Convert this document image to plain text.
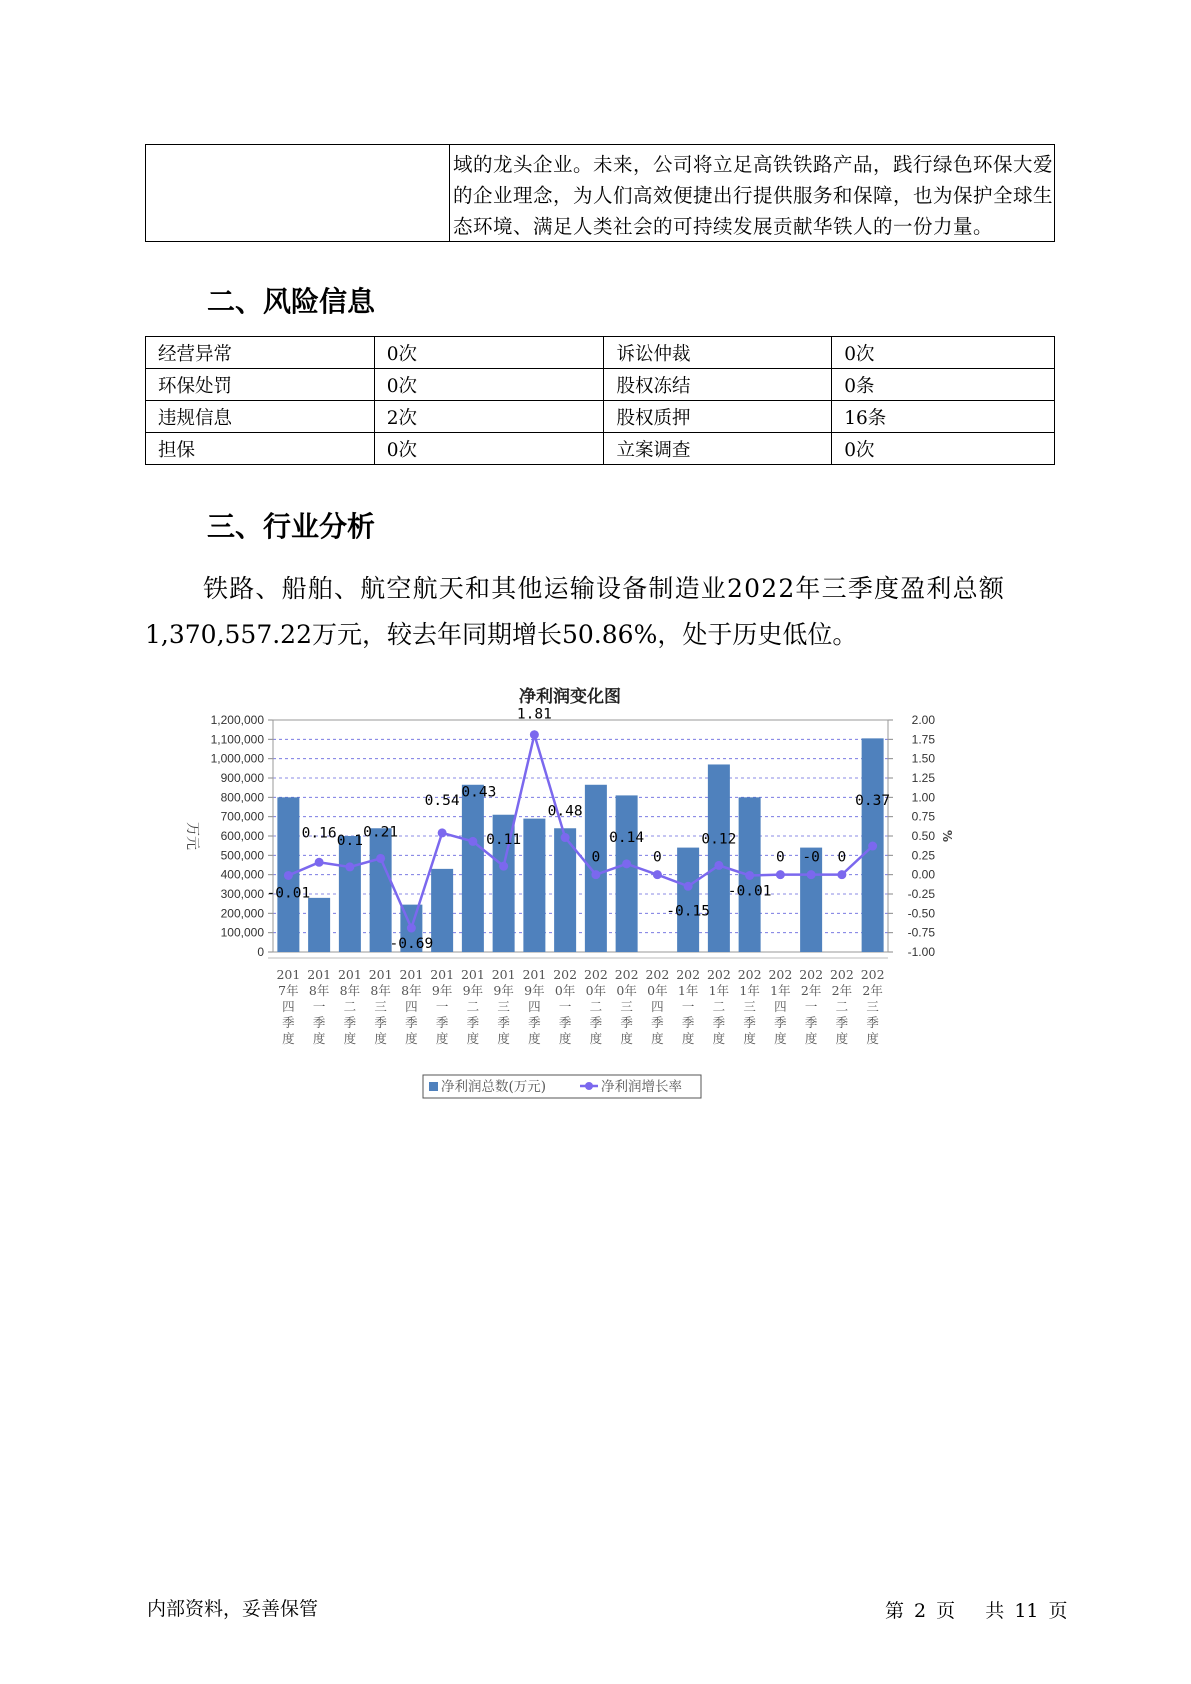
域的龙头企业。未来，公司将立足高铁铁路产品，践行绿色环保大爱
的企业理念，为人们高效便捷出行提供服务和保障，也为保护全球生
态环境、满足人类社会的可持续发展贡献华铁人的一份力量。
二、风险信息
经营异常	0次	诉讼仲裁	0次
环保处罚	0次	股权冻结	0条
违规信息	2次	股权质押	16条
担保	0次	立案调查	0次
三、行业分析
铁路、船舶、航空航天和其他运输设备制造业2022年三季度盈利总额
1,370,557.22万元，较去年同期增长50.86%，处于历史低位。
净利润变化图
0
100,000
200,000
300,000
400,000
500,000
600,000
700,000
800,000
900,000
1,000,000
1,100,000
1,200,000
-1.00
-0.75
-0.50
-0.25
0.00
0.25
0.50
0.75
1.00
1.25
1.50
1.75
2.00
万元	%
-0.01
0.16 0.1
0.21
-0.69
0.54
0.43
0.11
1.81
0.48
0
0.14
0
-0.15
0.12
-0.01
0 -0 0
0.37
201 201 201 201 201 201 201 201 201 202 202 202 202 202 202 202 202 202 202 202
7年 8年 8年 8年 8年 9年 9年 9年 9年 0年 0年 0年 0年 1年 1年 1年 1年 2年 2年 2年
四 一 二 三 四 一 二 三 四 一 二 三 四 一 二 三 四 一 二 三
季 季 季 季 季 季 季 季 季 季 季 季 季 季 季 季 季 季 季 季
度 度 度 度 度 度 度 度 度 度 度 度 度 度 度 度 度 度 度 度
净利润总数(万元)	净利润增长率
内部资料，妥善保管	第 2 页   共 11 页
